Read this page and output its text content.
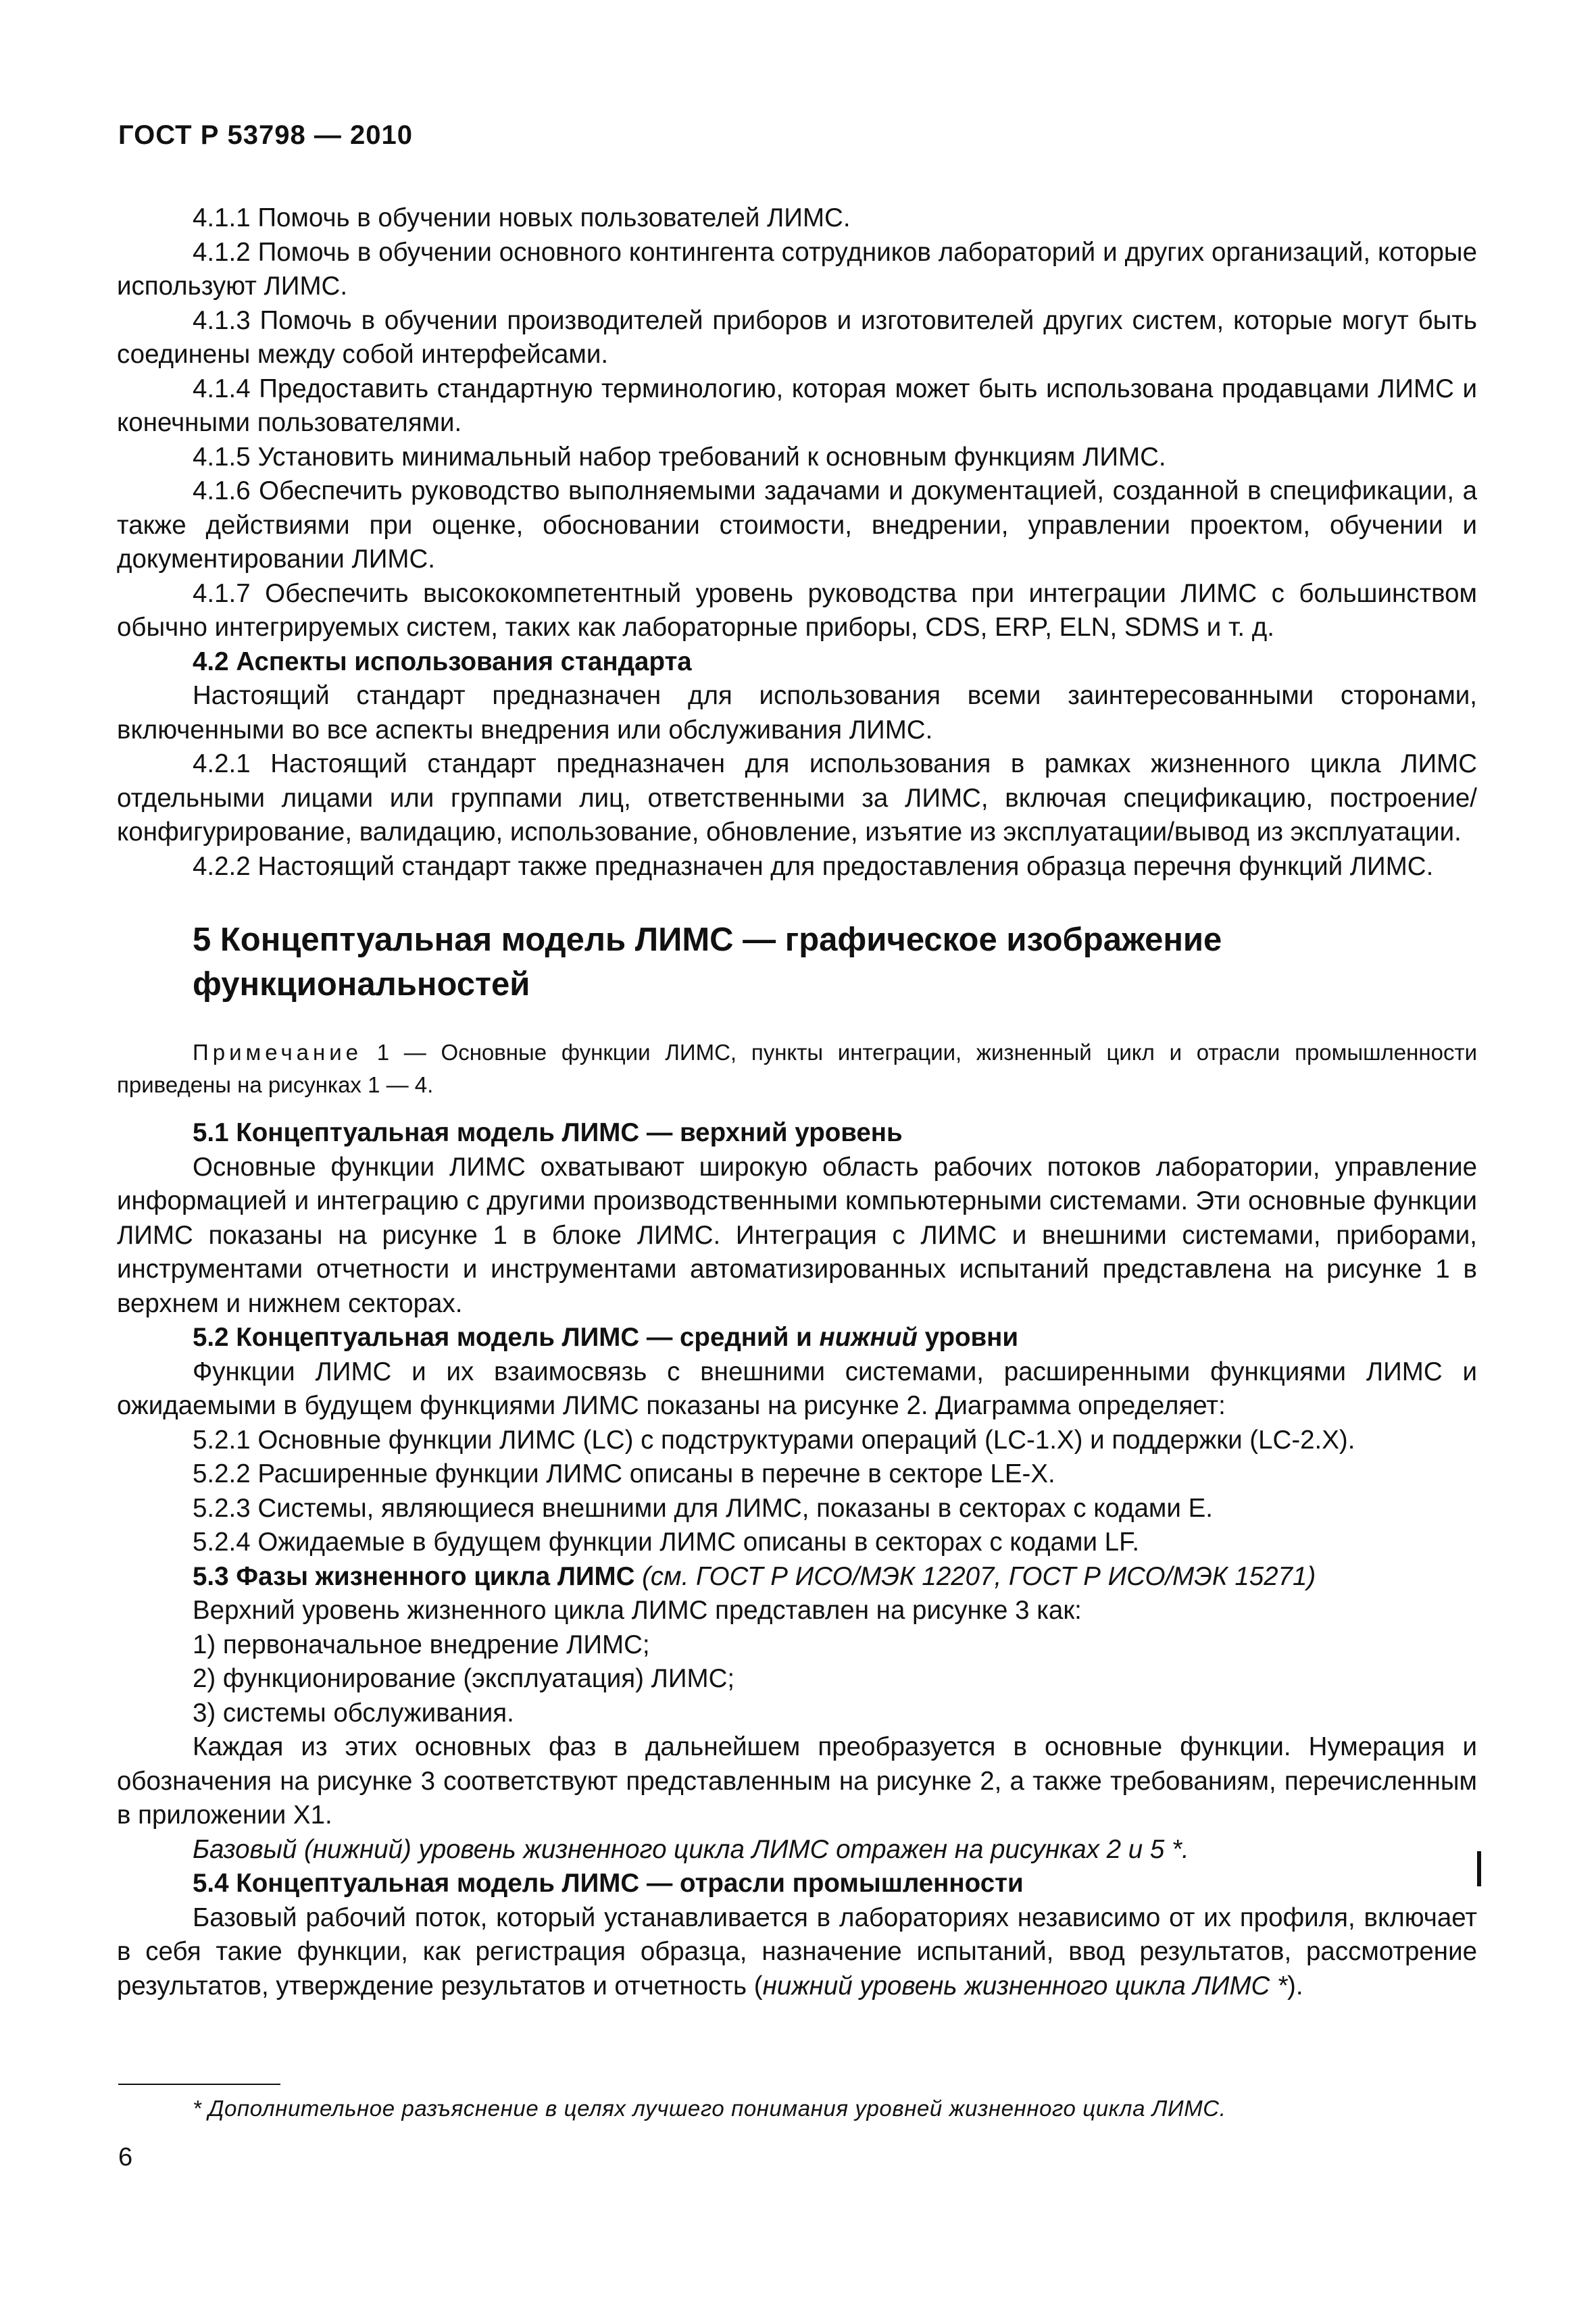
ГОСТ Р 53798 — 2010

4.1.1 Помочь в обучении новых пользователей ЛИМС.

4.1.2 Помочь в обучении основного контингента сотрудников лабораторий и других организаций, которые используют ЛИМС.

4.1.3 Помочь в обучении производителей приборов и изготовителей других систем, которые могут быть соединены между собой интерфейсами.

4.1.4 Предоставить стандартную терминологию, которая может быть использована продавцами ЛИМС и конечными пользователями.

4.1.5 Установить минимальный набор требований к основным функциям ЛИМС.

4.1.6 Обеспечить руководство выполняемыми задачами и документацией, созданной в спецификации, а также действиями при оценке, обосновании стоимости, внедрении, управлении проектом, обучении и документировании ЛИМС.

4.1.7 Обеспечить высококомпетентный уровень руководства при интеграции ЛИМС с большинством обычно интегрируемых систем, таких как лабораторные приборы, CDS, ERP, ELN, SDMS и т. д.

4.2 Аспекты использования стандарта

Настоящий стандарт предназначен для использования всеми заинтересованными сторонами, включенными во все аспекты внедрения или обслуживания ЛИМС.

4.2.1 Настоящий стандарт предназначен для использования в рамках жизненного цикла ЛИМС отдельными лицами или группами лиц, ответственными за ЛИМС, включая спецификацию, построение/конфигурирование, валидацию, использование, обновление, изъятие из эксплуатации/вывод из эксплуатации.

4.2.2 Настоящий стандарт также предназначен для предоставления образца перечня функций ЛИМС.

5 Концептуальная модель ЛИМС — графическое изображение функциональностей

Примечание 1 — Основные функции ЛИМС, пункты интеграции, жизненный цикл и отрасли промышленности приведены на рисунках 1 — 4.

5.1 Концептуальная модель ЛИМС — верхний уровень

Основные функции ЛИМС охватывают широкую область рабочих потоков лаборатории, управление информацией и интеграцию с другими производственными компьютерными системами. Эти основные функции ЛИМС показаны на рисунке 1 в блоке ЛИМС. Интеграция с ЛИМС и внешними системами, приборами, инструментами отчетности и инструментами автоматизированных испытаний представлена на рисунке 1 в верхнем и нижнем секторах.

5.2 Концептуальная модель ЛИМС — средний и нижний уровни

Функции ЛИМС и их взаимосвязь с внешними системами, расширенными функциями ЛИМС и ожидаемыми в будущем функциями ЛИМС показаны на рисунке 2. Диаграмма определяет:

5.2.1 Основные функции ЛИМС (LC) с подструктурами операций (LC-1.X) и поддержки (LC-2.X).

5.2.2 Расширенные функции ЛИМС описаны в перечне в секторе LE-X.

5.2.3 Системы, являющиеся внешними для ЛИМС, показаны в секторах с кодами Е.

5.2.4 Ожидаемые в будущем функции ЛИМС описаны в секторах с кодами LF.

5.3 Фазы жизненного цикла ЛИМС (см. ГОСТ Р ИСО/МЭК 12207, ГОСТ Р ИСО/МЭК 15271)

Верхний уровень жизненного цикла ЛИМС представлен на рисунке 3 как:

1) первоначальное внедрение ЛИМС;

2) функционирование (эксплуатация) ЛИМС;

3) системы обслуживания.

Каждая из этих основных фаз в дальнейшем преобразуется в основные функции. Нумерация и обозначения на рисунке 3 соответствуют представленным на рисунке 2, а также требованиям, перечисленным в приложении Х1.

Базовый (нижний) уровень жизненного цикла ЛИМС отражен на рисунках 2 и 5 *.

5.4 Концептуальная модель ЛИМС — отрасли промышленности

Базовый рабочий поток, который устанавливается в лабораториях независимо от их профиля, включает в себя такие функции, как регистрация образца, назначение испытаний, ввод результатов, рассмотрение результатов, утверждение результатов и отчетность (нижний уровень жизненного цикла ЛИМС *).

* Дополнительное разъяснение в целях лучшего понимания уровней жизненного цикла ЛИМС.
6
